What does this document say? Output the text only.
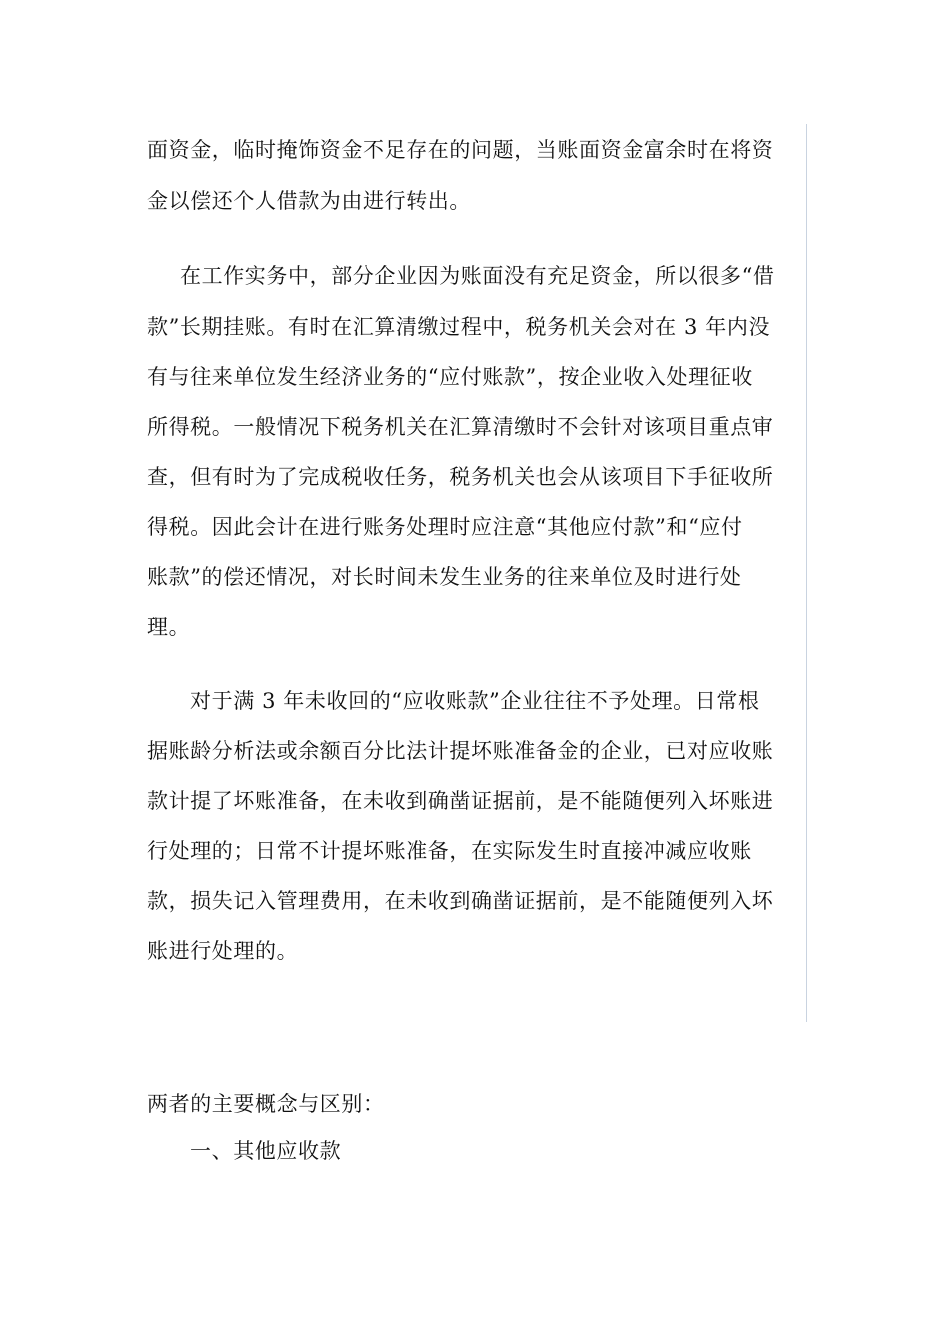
面资金，临时掩饰资金不足存在的问题，当账面资金富余时在将资
金以偿还个人借款为由进行转出。
在工作实务中，部分企业因为账面没有充足资金，所以很多“借
款”长期挂账。有时在汇算清缴过程中，税务机关会对在 3 年内没
有与往来单位发生经济业务的“应付账款”，按企业收入处理征收
所得税。一般情况下税务机关在汇算清缴时不会针对该项目重点审
查，但有时为了完成税收任务，税务机关也会从该项目下手征收所
得税。因此会计在进行账务处理时应注意“其他应付款”和“应付
账款”的偿还情况，对长时间未发生业务的往来单位及时进行处
理。
对于满 3 年未收回的“应收账款”企业往往不予处理。日常根
据账龄分析法或余额百分比法计提坏账准备金的企业，已对应收账
款计提了坏账准备，在未收到确凿证据前，是不能随便列入坏账进
行处理的；日常不计提坏账准备，在实际发生时直接冲减应收账
款，损失记入管理费用，在未收到确凿证据前，是不能随便列入坏
账进行处理的。
两者的主要概念与区别：
一、其他应收款
